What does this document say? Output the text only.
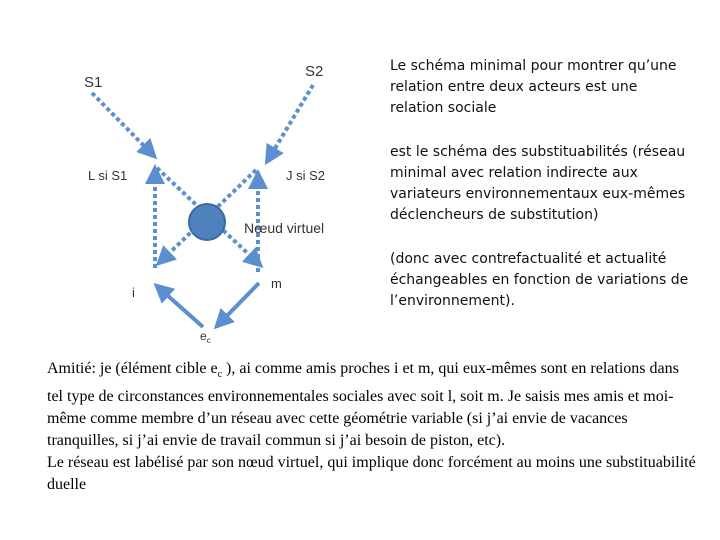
S1
S2
L si S1	J si S2
Nœud virtuel
i
m
$e_c$

Le schéma minimal pour montrer qu’une relation entre deux acteurs est une relation sociale

est le schéma des substituabilités (réseau minimal avec relation indirecte aux variateurs environnementaux eux-mêmes déclencheurs de substitution)

(donc avec contrefactualité et actualité échangeables en fonction de variations de l’environnement).

Amitié: je (élément cible $e_c$ ), ai comme amis proches i et m, qui eux-mêmes sont en relations dans tel type de circonstances environnementales sociales avec soit l, soit m. Je saisis mes amis et moi-même comme membre d’un réseau avec cette géométrie variable (si j’ai envie de vacances tranquilles, si j’ai envie de travail commun si j’ai besoin de piston, etc).

Le réseau est labélisé par son nœud virtuel, qui implique donc forcément au moins une substituabilité duelle
